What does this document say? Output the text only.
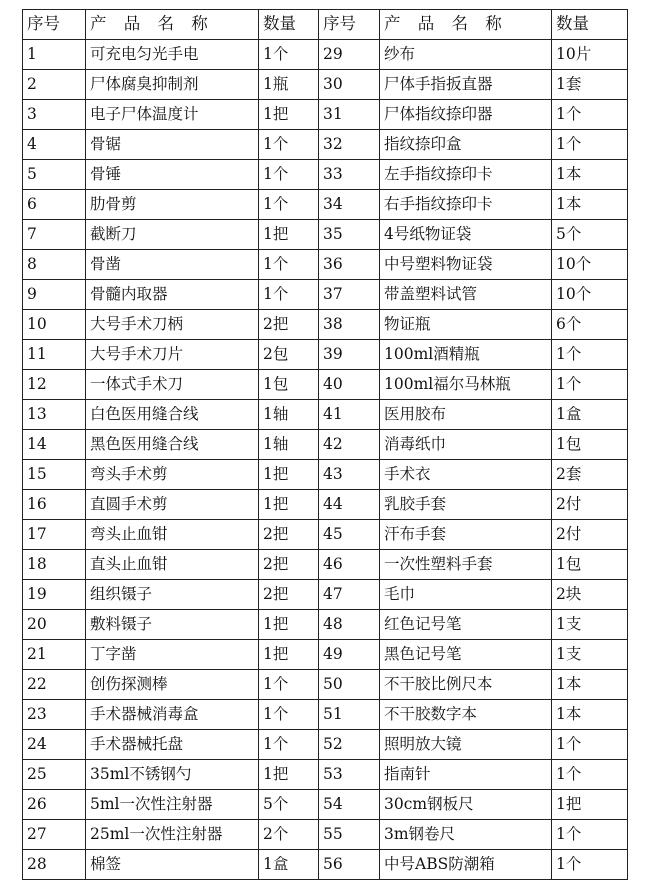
序号	产 品 名 称	数量	序号	产 品 名 称	数量
1	可充电匀光手电	1个	29	纱布	10片
2	尸体腐臭抑制剂	1瓶	30	尸体手指扳直器	1套
3	电子尸体温度计	1把	31	尸体指纹捺印器	1个
4	骨锯	1个	32	指纹捺印盒	1个
5	骨锤	1个	33	左手指纹捺印卡	1本
6	肋骨剪	1个	34	右手指纹捺印卡	1本
7	截断刀	1把	35	4号纸物证袋	5个
8	骨凿	1个	36	中号塑料物证袋	10个
9	骨髓内取器	1个	37	带盖塑料试管	10个
10	大号手术刀柄	2把	38	物证瓶	6个
11	大号手术刀片	2包	39	100ml酒精瓶	1个
12	一体式手术刀	1包	40	100ml福尔马林瓶	1个
13	白色医用缝合线	1轴	41	医用胶布	1盒
14	黑色医用缝合线	1轴	42	消毒纸巾	1包
15	弯头手术剪	1把	43	手术衣	2套
16	直圆手术剪	1把	44	乳胶手套	2付
17	弯头止血钳	2把	45	汗布手套	2付
18	直头止血钳	2把	46	一次性塑料手套	1包
19	组织镊子	2把	47	毛巾	2块
20	敷料镊子	1把	48	红色记号笔	1支
21	丁字凿	1把	49	黑色记号笔	1支
22	创伤探测棒	1个	50	不干胶比例尺本	1本
23	手术器械消毒盒	1个	51	不干胶数字本	1本
24	手术器械托盘	1个	52	照明放大镜	1个
25	35ml不锈钢勺	1把	53	指南针	1个
26	5ml一次性注射器	5个	54	30cm钢板尺	1把
27	25ml一次性注射器	2个	55	3m钢卷尺	1个
28	棉签	1盒	56	中号ABS防潮箱	1个
